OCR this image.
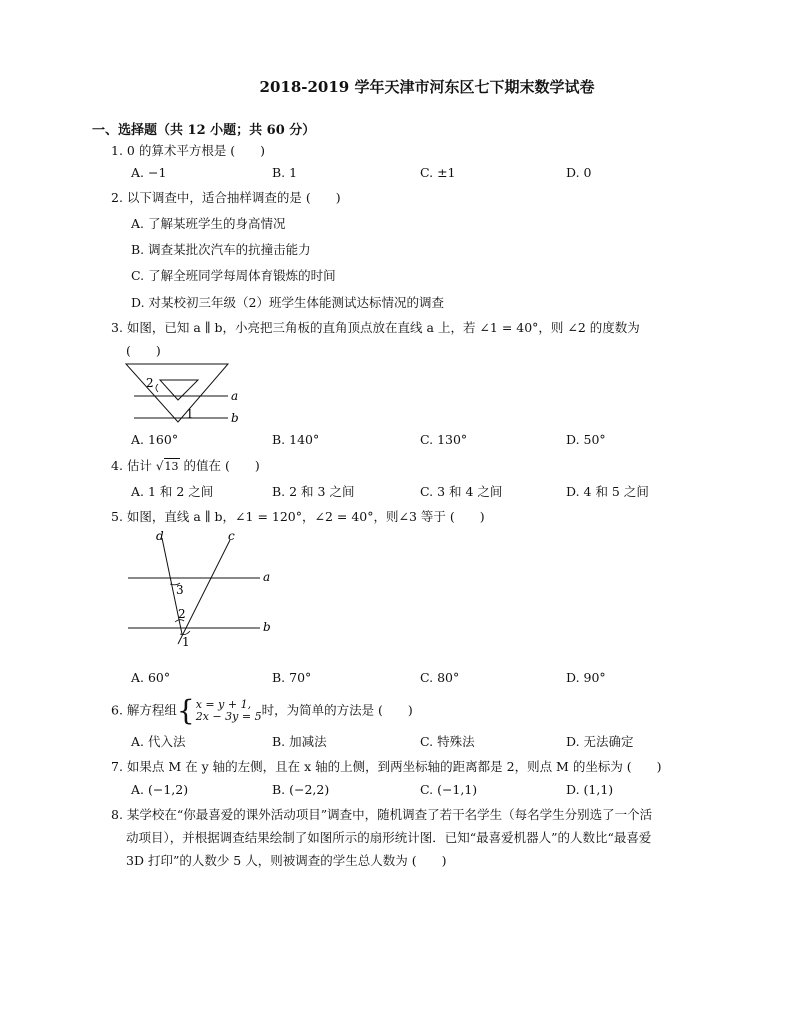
2018-2019 学年天津市河东区七下期末数学试卷
一、选择题（共 12 小题；共 60 分）
1. 0 的算术平方根是 (　　)
A. −1	B. 1	C. ±1	D. 0
2. 以下调查中，适合抽样调查的是 (　　)
A. 了解某班学生的身高情况
B. 调查某批次汽车的抗撞击能力
C. 了解全班同学每周体育锻炼的时间
D. 对某校初三年级（2）班学生体能测试达标情况的调查
3. 如图，已知 a ∥ b，小亮把三角板的直角顶点放在直线 a 上，若 ∠1 = 40°，则 ∠2 的度数为
(　　)
2
1
a
b
A. 160°	B. 140°	C. 130°	D. 50°
4. 估计 √13 的值在 (　　)
A. 1 和 2 之间	B. 2 和 3 之间	C. 3 和 4 之间	D. 4 和 5 之间
5. 如图，直线 a ∥ b，∠1 = 120°，∠2 = 40°，则∠3 等于 (　　)
d	c
a
b
3
2
1
A. 60°	B. 70°	C. 80°	D. 90°
6. 解方程组{ x = y + 1,
2x − 3y = 5 时，为简单的方法是 (　　)
A. 代入法	B. 加减法	C. 特殊法	D. 无法确定
7. 如果点 M 在 y 轴的左侧，且在 x 轴的上侧，到两坐标轴的距离都是 2，则点 M 的坐标为 (　　)
A. (−1,2)	B. (−2,2)	C. (−1,1)	D. (1,1)
8. 某学校在“你最喜爱的课外活动项目”调查中，随机调查了若干名学生（每名学生分别选了一个活
动项目），并根据调查结果绘制了如图所示的扇形统计图．已知“最喜爱机器人”的人数比“最喜爱
3D 打印”的人数少 5 人，则被调查的学生总人数为 (　　)
